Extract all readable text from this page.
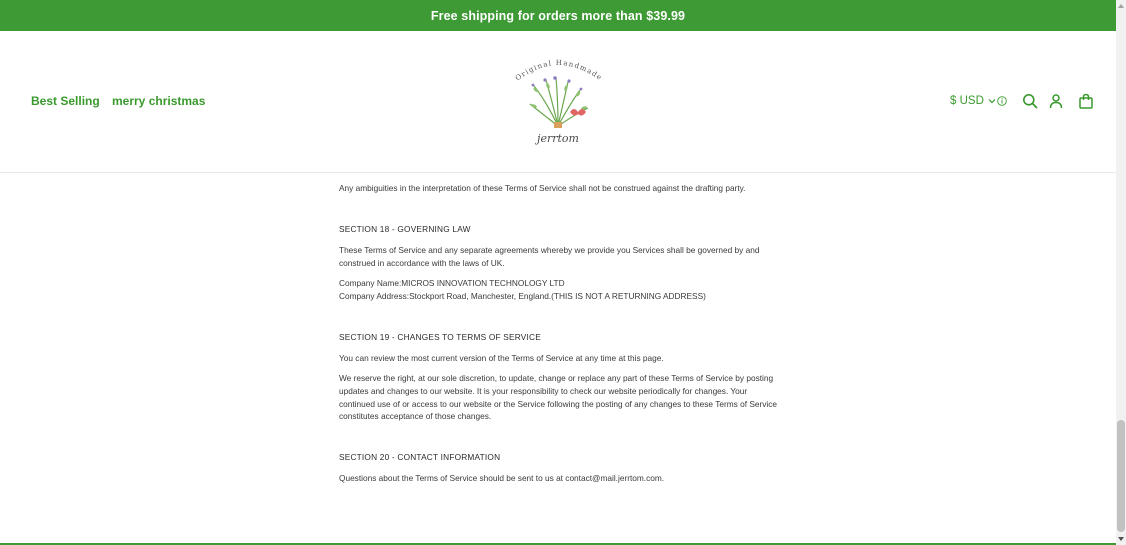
Free shipping for orders more than $39.99
Best Selling merry christmas
Original Handmade
jerrtom
$ USD

Any ambiguities in the interpretation of these Terms of Service shall not be construed against the drafting party.

SECTION 18 - GOVERNING LAW

These Terms of Service and any separate agreements whereby we provide you Services shall be governed by and construed in accordance with the laws of UK.

Company Name:MICROS INNOVATION TECHNOLOGY LTD

Company Address:Stockport Road, Manchester, England.(THIS IS NOT A RETURNING ADDRESS)

SECTION 19 - CHANGES TO TERMS OF SERVICE

You can review the most current version of the Terms of Service at any time at this page.

We reserve the right, at our sole discretion, to update, change or replace any part of these Terms of Service by posting updates and changes to our website. It is your responsibility to check our website periodically for changes. Your continued use of or access to our website or the Service following the posting of any changes to these Terms of Service constitutes acceptance of those changes.

SECTION 20 - CONTACT INFORMATION

Questions about the Terms of Service should be sent to us at contact@mail.jerrtom.com.
